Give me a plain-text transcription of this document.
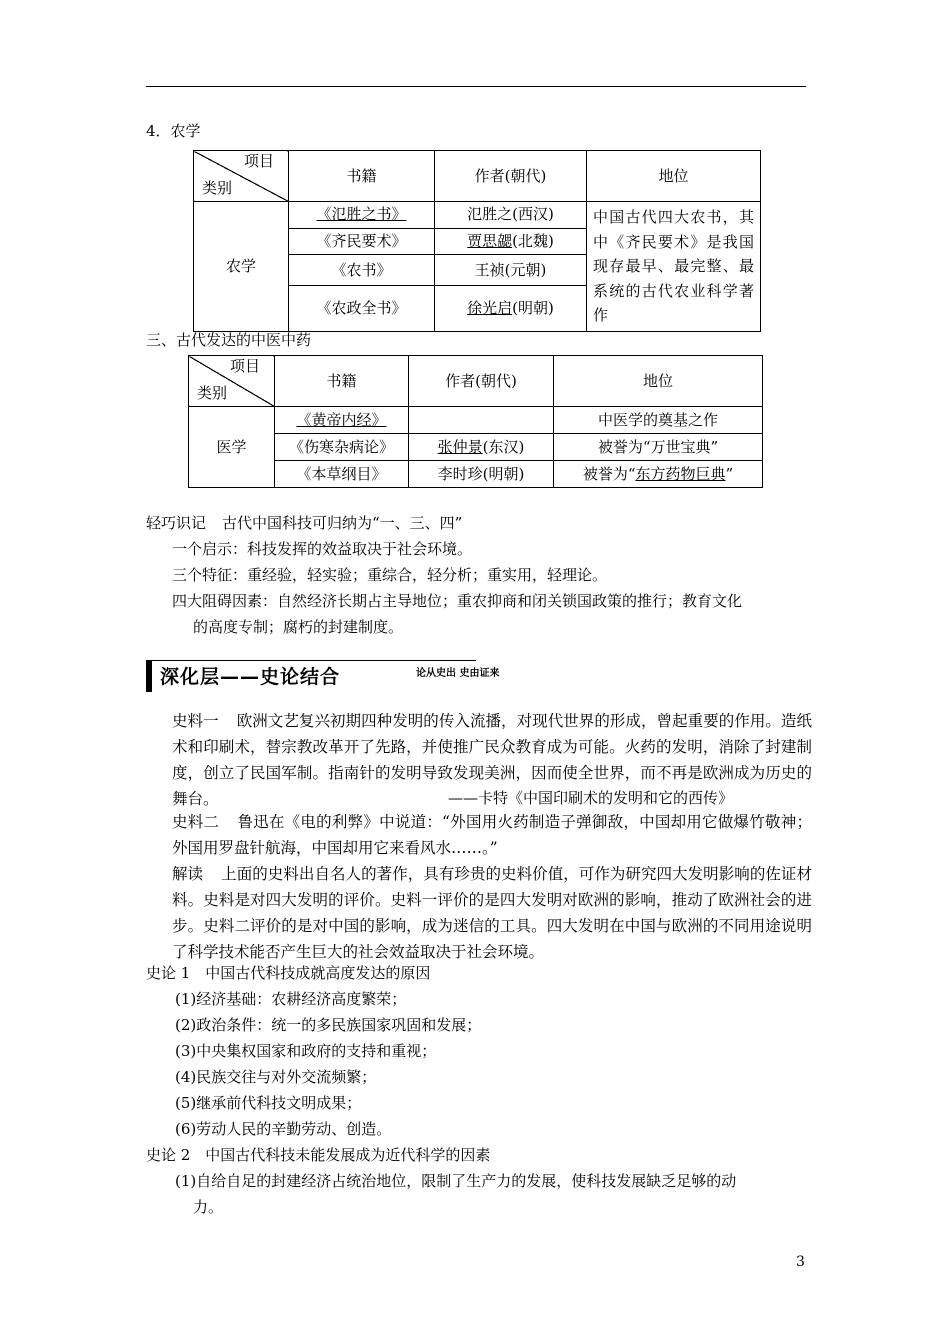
4．农学
项目
类别	书籍	作者(朝代)	地位
农学	《氾胜之书》	氾胜之(西汉)	中国古代四大农书，其中《齐民要术》是我国现存最早、最完整、最系统的古代农业科学著作
	《齐民要术》	贾思勰(北魏)	
	《农书》	王祯(元朝)	
	《农政全书》	徐光启(明朝)	
三、古代发达的中医中药
项目
类别	书籍	作者(朝代)	地位
医学	《黄帝内经》		中医学的奠基之作
	《伤寒杂病论》	张仲景(东汉)	被誉为“万世宝典”
	《本草纲目》	李时珍(明朝)	被誉为“东方药物巨典”
轻巧识记 古代中国科技可归纳为“一、三、四”
一个启示：科技发挥的效益取决于社会环境。
三个特征：重经验，轻实验；重综合，轻分析；重实用，轻理论。
四大阻碍因素：自然经济长期占主导地位；重农抑商和闭关锁国政策的推行；教育文化
的高度专制；腐朽的封建制度。
深化层——史论结合	论从史出 史由证来
史料一 欧洲文艺复兴初期四种发明的传入流播，对现代世界的形成，曾起重要的作用。造纸术和印刷术，替宗教改革开了先路，并使推广民众教育成为可能。火药的发明，消除了封建制度，创立了民国军制。指南针的发明导致发现美洲，因而使全世界，而不再是欧洲成为历史的舞台。	——卡特《中国印刷术的发明和它的西传》
史料二 鲁迅在《电的利弊》中说道：“外国用火药制造子弹御敌，中国却用它做爆竹敬神；外国用罗盘针航海，中国却用它来看风水……。”
解读 上面的史料出自名人的著作，具有珍贵的史料价值，可作为研究四大发明影响的佐证材料。史料是对四大发明的评价。史料一评价的是四大发明对欧洲的影响，推动了欧洲社会的进步。史料二评价的是对中国的影响，成为迷信的工具。四大发明在中国与欧洲的不同用途说明了科学技术能否产生巨大的社会效益取决于社会环境。
史论 1　中国古代科技成就高度发达的原因
(1)经济基础：农耕经济高度繁荣；
(2)政治条件：统一的多民族国家巩固和发展；
(3)中央集权国家和政府的支持和重视；
(4)民族交往与对外交流频繁；
(5)继承前代科技文明成果；
(6)劳动人民的辛勤劳动、创造。
史论 2　中国古代科技未能发展成为近代科学的因素
(1)自给自足的封建经济占统治地位，限制了生产力的发展，使科技发展缺乏足够的动
力。
3
